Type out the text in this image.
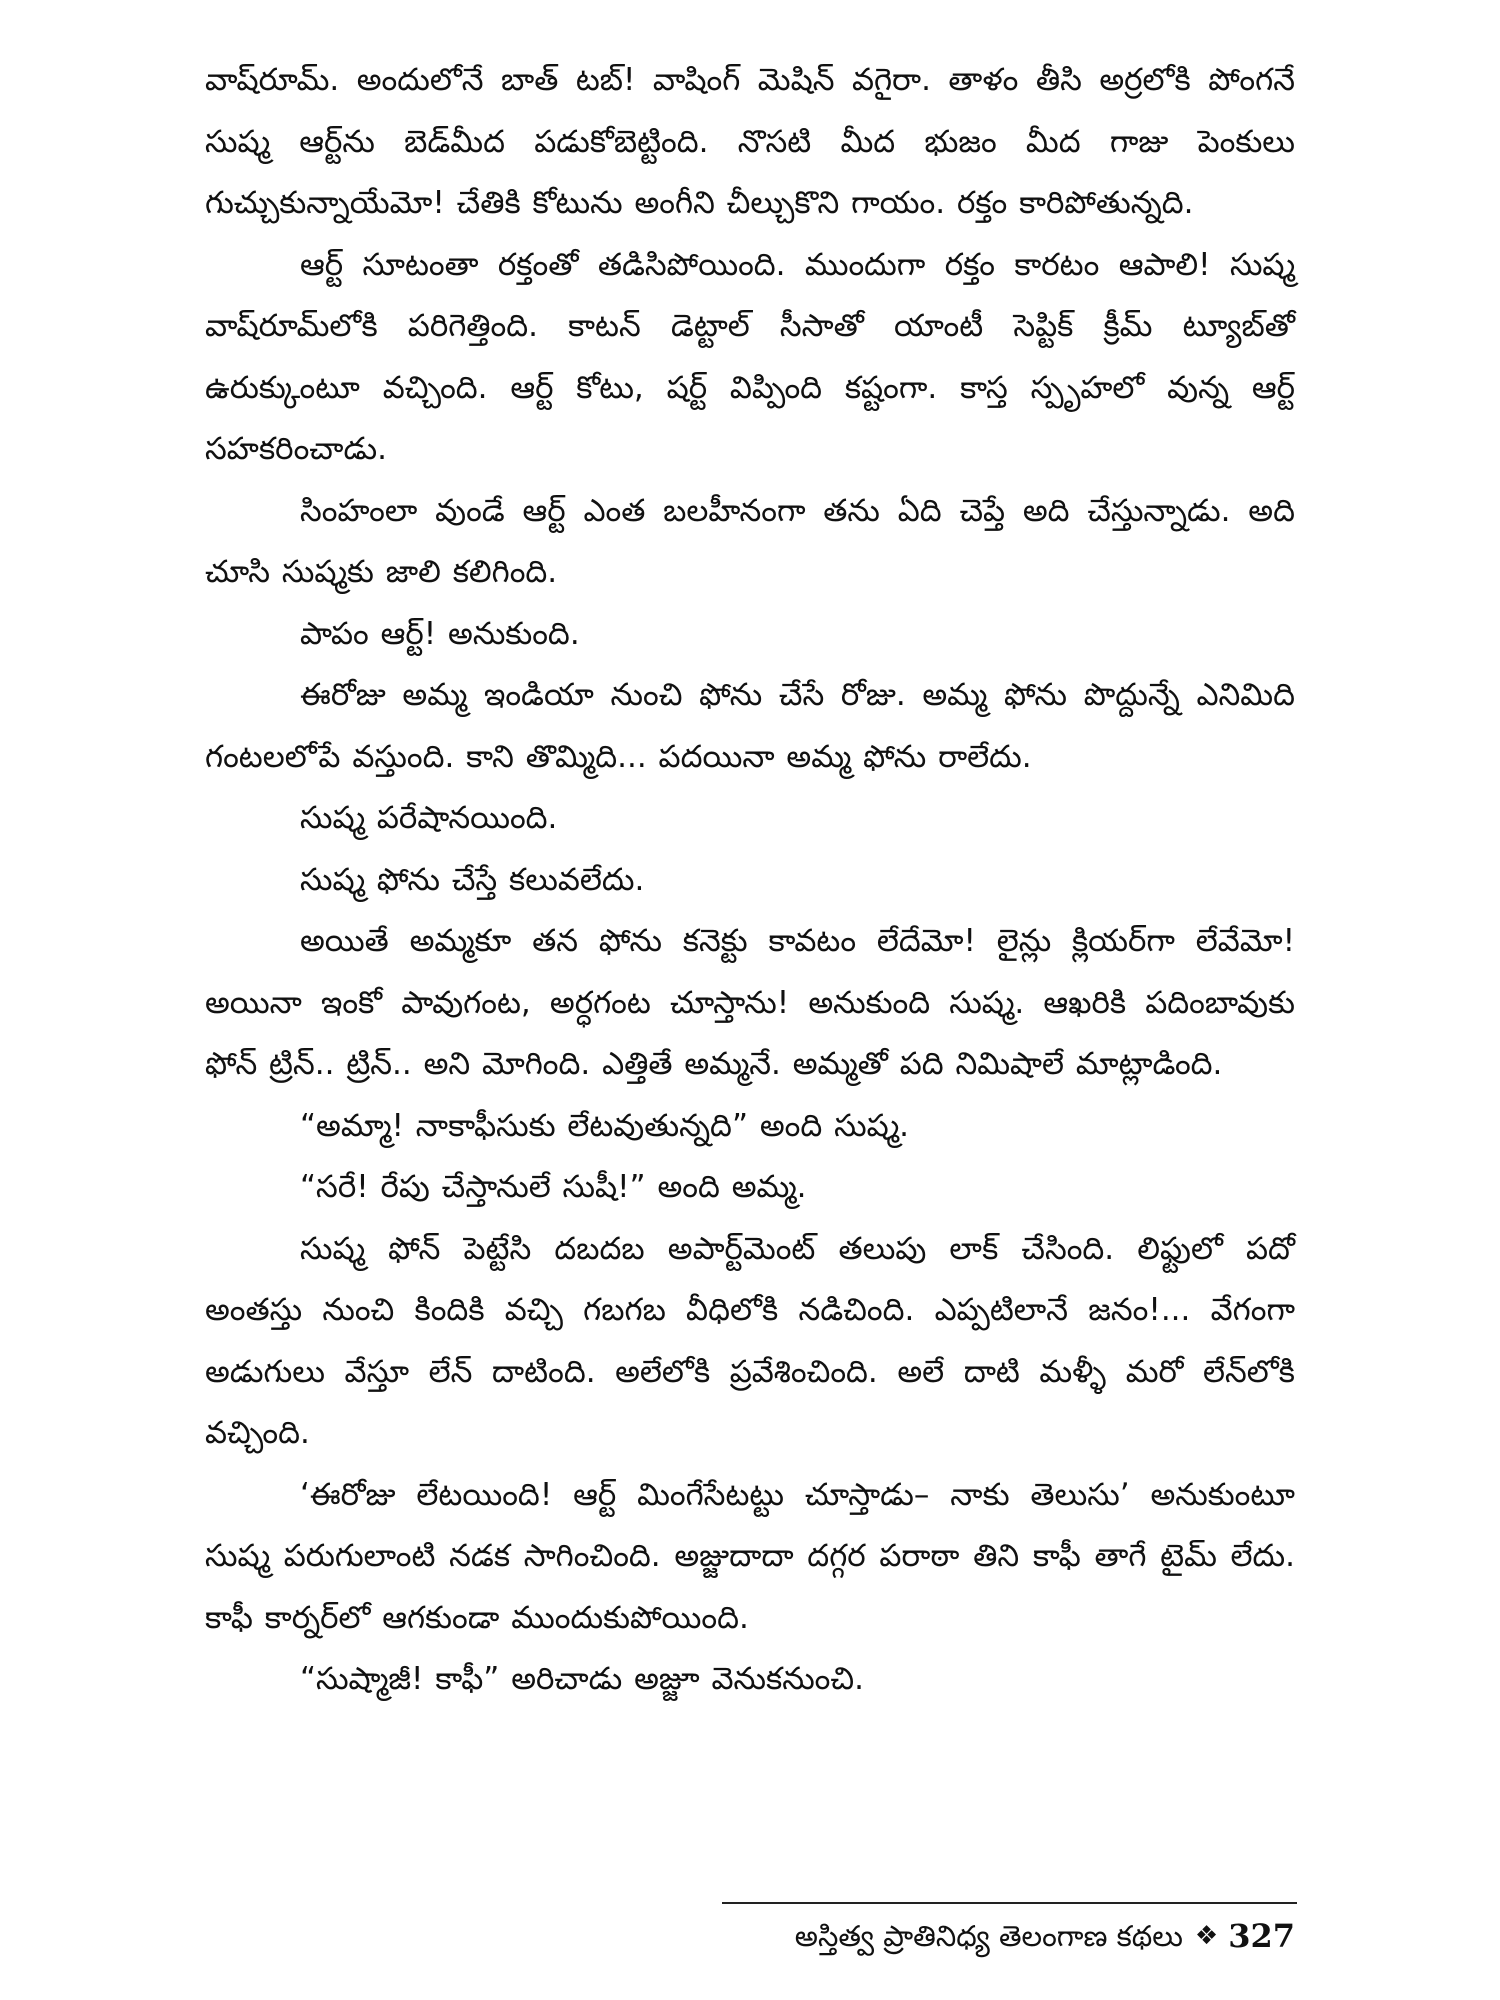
వాష్‌రూమ్. అందులోనే బాత్ టబ్! వాషింగ్ మెషిన్ వగైరా. తాళం తీసి అర్రలోకి పోంగనే సుష్మ ఆర్ట్‌ను బెడ్‌మీద పడుకోబెట్టింది. నొసటి మీద భుజం మీద గాజు పెంకులు గుచ్చుకున్నాయేమో! చేతికి కోటును అంగీని చీల్చుకొని గాయం. రక్తం కారిపోతున్నది.

ఆర్ట్ సూటంతా రక్తంతో తడిసిపోయింది. ముందుగా రక్తం కారటం ఆపాలి! సుష్మ వాష్‌రూమ్‌లోకి పరిగెత్తింది. కాటన్ డెట్టాల్ సీసాతో యాంటీ సెప్టిక్ క్రీమ్ ట్యూబ్‌తో ఉరుక్కుంటూ వచ్చింది. ఆర్ట్ కోటు, షర్ట్ విప్పింది కష్టంగా. కాస్త స్పృహలో వున్న ఆర్ట్ సహకరించాడు.

సింహంలా వుండే ఆర్ట్ ఎంత బలహీనంగా తను ఏది చెప్తే అది చేస్తున్నాడు. అది చూసి సుష్మకు జాలి కలిగింది.

పాపం ఆర్ట్! అనుకుంది.

ఈరోజు అమ్మ ఇండియా నుంచి ఫోను చేసే రోజు. అమ్మ ఫోను పొద్దున్నే ఎనిమిది గంటలలోపే వస్తుంది. కాని తొమ్మిది... పదయినా అమ్మ ఫోను రాలేదు.

సుష్మ పరేషానయింది.

సుష్మ ఫోను చేస్తే కలువలేదు.

అయితే అమ్మకూ తన ఫోను కనెక్టు కావటం లేదేమో! లైన్లు క్లియర్‌గా లేవేమో! అయినా ఇంకో పావుగంట, అర్ధగంట చూస్తాను! అనుకుంది సుష్మ. ఆఖరికి పదింబావుకు ఫోన్ ట్రిన్.. ట్రిన్.. అని మోగింది. ఎత్తితే అమ్మనే. అమ్మతో పది నిమిషాలే మాట్లాడింది.

“అమ్మా! నాకాఫీసుకు లేటవుతున్నది” అంది సుష్మ.

“సరే! రేపు చేస్తానులే సుషీ!” అంది అమ్మ.

సుష్మ ఫోన్ పెట్టేసి దబదబ అపార్ట్‌మెంట్ తలుపు లాక్ చేసింది. లిఫ్టులో పదో అంతస్తు నుంచి కిందికి వచ్చి గబగబ వీధిలోకి నడిచింది. ఎప్పటిలానే జనం!... వేగంగా అడుగులు వేస్తూ లేన్ దాటింది. అలేలోకి ప్రవేశించింది. అలే దాటి మళ్ళీ మరో లేన్‌లోకి వచ్చింది.

‘ఈరోజు లేటయింది! ఆర్ట్ మింగేసేటట్టు చూస్తాడు– నాకు తెలుసు’ అనుకుంటూ సుష్మ పరుగులాంటి నడక సాగించింది. అజ్జుదాదా దగ్గర పరాఠా తిని కాఫీ తాగే టైమ్ లేదు. కాఫీ కార్నర్‌లో ఆగకుండా ముందుకుపోయింది.

“సుష్మాజీ! కాఫీ” అరిచాడు అజ్జూ వెనుకనుంచి.

అస్తిత్వ ప్రాతినిధ్య తెలంగాణ కథలు ❖ 327
